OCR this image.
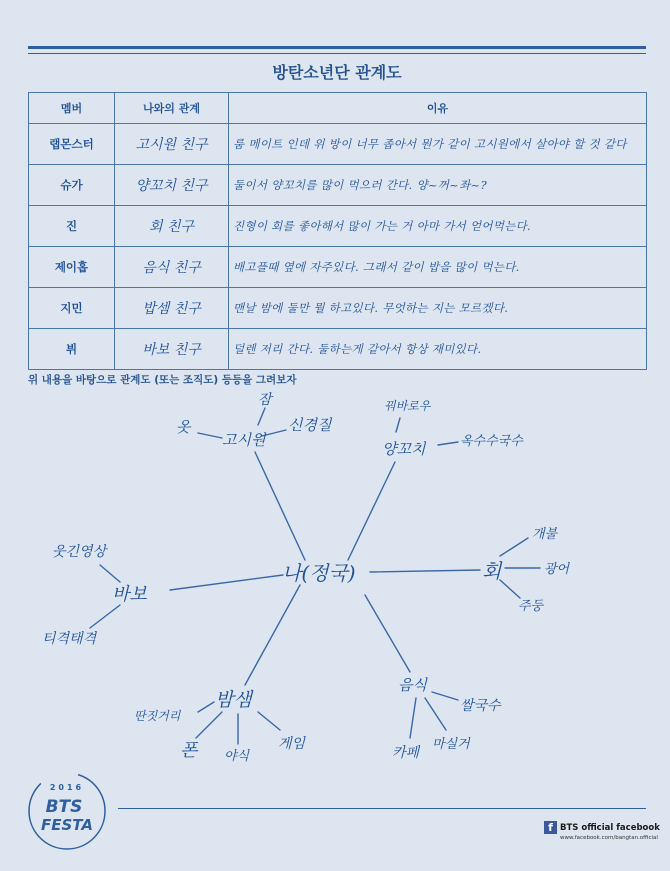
방탄소년단 관계도
멤버	나와의 관계	이유
랩몬스터	고시원 친구	룸 메이트 인데 위 방이 너무 좁아서 뭔가 같이 고시원에서 살아야 할 것 같다
슈가	양꼬치 친구	둘이서 양꼬치를 많이 먹으러 간다. 양~꺼~좌~?
진	회 친구	진형이 회를 좋아해서 많이 가는 거 아마 가서 얻어먹는다.
제이홉	음식 친구	배고플때 옆에 자주있다. 그래서 같이 밥을 많이 먹는다.
지민	밥셈 친구	맨날 밤에 둘만 뭘 하고있다. 무엇하는 지는 모르겠다.
뷔	바보 친구	덜렌 저리 간다. 둘하는게 같아서 항상 재미있다.
위 내용을 바탕으로 관계도 (또는 조직도) 등등을 그려보자
나(정국)
고시원
잠
옷	신경질
양꼬치
꿔바로우
옥수수국수
회
개불
광어
주둥
바보
웃긴영상
티격태격
밤샘
딴짓거리
폰 야식
게임
음식
쌀국수
카페
마실거
2016
BTS
FESTA	f BTS official facebook
www.facebook.com/bangtan.official
